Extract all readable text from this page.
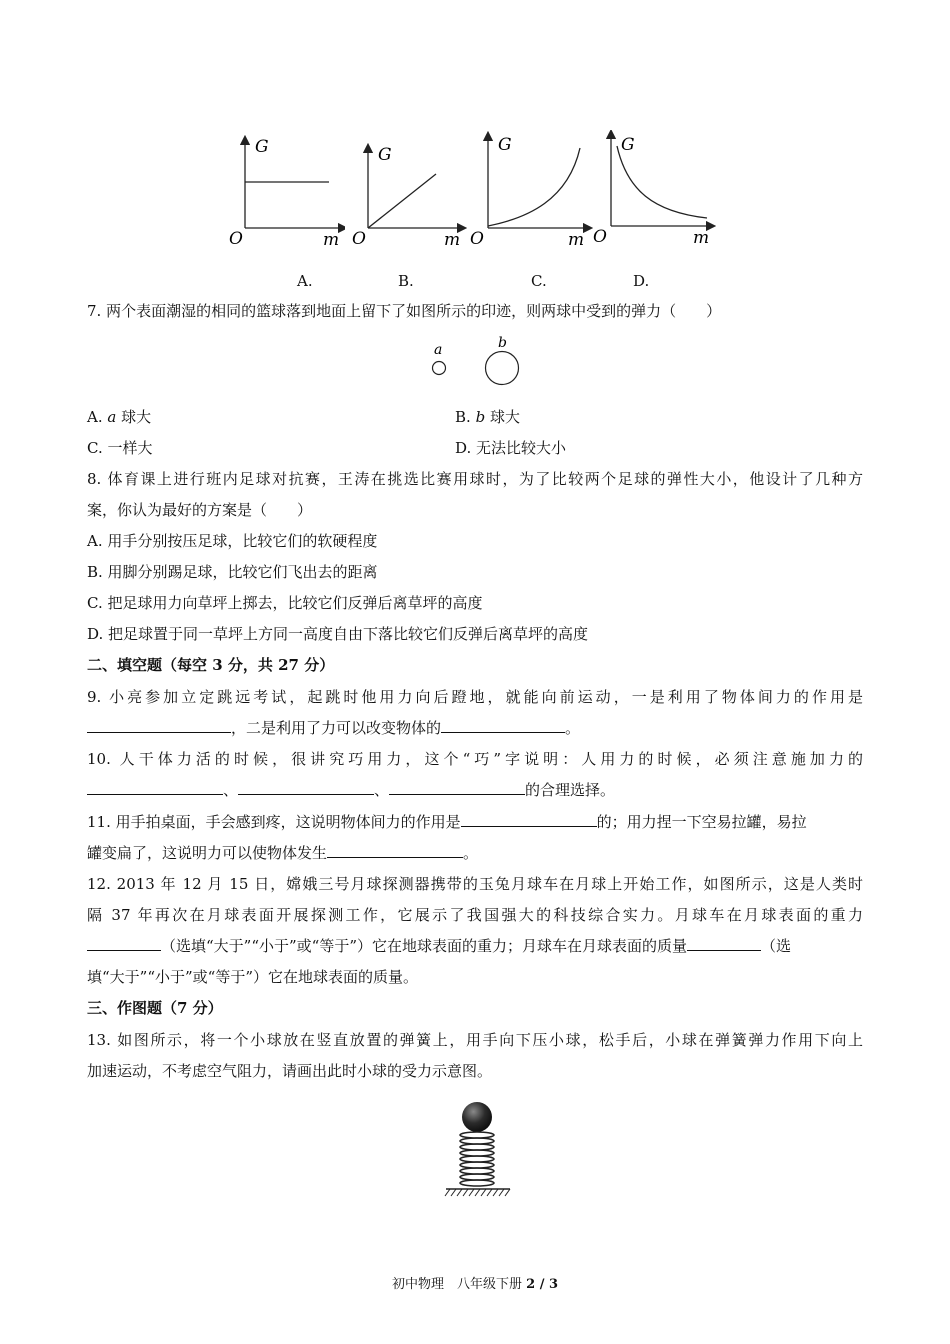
G
O	m
G
O	m
G
O	m
G
O	m
A.	B.	C.	D.
7. 两个表面潮湿的相同的篮球落到地面上留下了如图所示的印迹，则两球中受到的弹力（　　）
a	b
A. a 球大	B. b 球大
C. 一样大	D. 无法比较大小
8. 体育课上进行班内足球对抗赛，王涛在挑选比赛用球时，为了比较两个足球的弹性大小，他设计了几种方
案，你认为最好的方案是（　　）
A. 用手分别按压足球，比较它们的软硬程度
B. 用脚分别踢足球，比较它们飞出去的距离
C. 把足球用力向草坪上掷去，比较它们反弹后离草坪的高度
D. 把足球置于同一草坪上方同一高度自由下落比较它们反弹后离草坪的高度
二、填空题（每空 3 分，共 27 分）
9. 小亮参加立定跳远考试，起跳时他用力向后蹬地，就能向前运动，一是利用了物体间力的作用是
，二是利用了力可以改变物体的	。
10. 人干体力活的时候，很讲究巧用力，这个“巧”字说明：人用力的时候，必须注意施加力的
、	、	的合理选择。
11. 用手拍桌面，手会感到疼，这说明物体间力的作用是	的；用力捏一下空易拉罐，易拉
罐变扁了，这说明力可以使物体发生	。
12. 2013 年 12 月 15 日，嫦娥三号月球探测器携带的玉兔月球车在月球上开始工作，如图所示，这是人类时
隔 37 年再次在月球表面开展探测工作，它展示了我国强大的科技综合实力。月球车在月球表面的重力
（选填“大于”“小于”或“等于”）它在地球表面的重力；月球车在月球表面的质量	（选
填“大于”“小于”或“等于”）它在地球表面的质量。
三、作图题（7 分）
13. 如图所示，将一个小球放在竖直放置的弹簧上，用手向下压小球，松手后，小球在弹簧弹力作用下向上
加速运动，不考虑空气阻力，请画出此时小球的受力示意图。
初中物理　八年级下册 2 / 3
